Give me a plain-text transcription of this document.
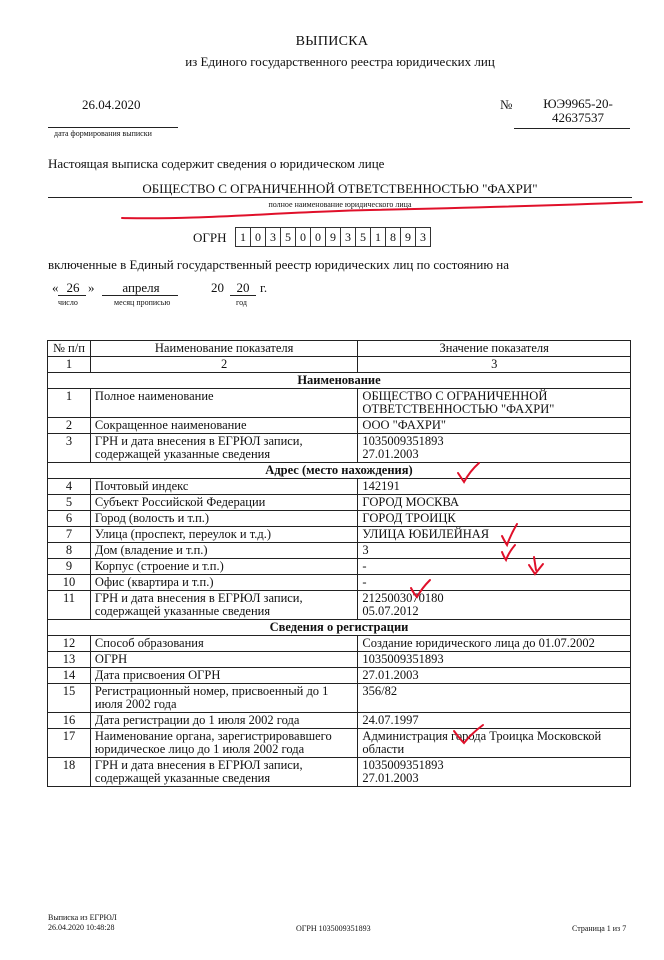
ВЫПИСКА
из Единого государственного реестра юридических лиц
26.04.2020
дата формирования выписки
№	ЮЭ9965-20-
42637537
Настоящая выписка содержит сведения о юридическом лице
ОБЩЕСТВО С ОГРАНИЧЕННОЙ ОТВЕТСТВЕННОСТЬЮ "ФАХРИ"
полное наименование юридического лица
ОГРН	1 0 3 5 0 0 9 3 5 1 8 9 3
включенные в Единый государственный реестр юридических лиц по состоянию на
« 26 »	апреля	20 20 г.
число	месяц прописью	год
№ п/п	Наименование показателя	Значение показателя
1	2	3
Наименование		
1	Полное наименование	ОБЩЕСТВО С ОГРАНИЧЕННОЙ ОТВЕТСТВЕННОСТЬЮ "ФАХРИ"
2	Сокращенное наименование	ООО "ФАХРИ"
3	ГРН и дата внесения в ЕГРЮЛ записи, содержащей указанные сведения	1035009351893
27.01.2003

Адрес (место нахождения)		
4	Почтовый индекс	142191
5	Субъект Российской Федерации	ГОРОД МОСКВА
6	Город (волость и т.п.)	ГОРОД ТРОИЦК
7	Улица (проспект, переулок и т.д.)	УЛИЦА ЮБИЛЕЙНАЯ
8	Дом (владение и т.п.)	3
9	Корпус (строение и т.п.)	-
10	Офис (квартира и т.п.)	-
11	ГРН и дата внесения в ЕГРЮЛ записи, содержащей указанные сведения	2125003070180
05.07.2012

Сведения о регистрации		
12	Способ образования	Создание юридического лица до 01.07.2002
13	ОГРН	1035009351893
14	Дата присвоения ОГРН	27.01.2003
15	Регистрационный номер, присвоенный до 1 июля 2002 года	356/82
16	Дата регистрации до 1 июля 2002 года	24.07.1997
17	Наименование органа, зарегистрировавшего юридическое лицо до 1 июля 2002 года	Администрация города Троицка Московской области
18	ГРН и дата внесения в ЕГРЮЛ записи, содержащей указанные сведения	1035009351893
27.01.2003
Выписка из ЕГРЮЛ
26.04.2020 10:48:28	ОГРН 1035009351893	Страница 1 из 7
